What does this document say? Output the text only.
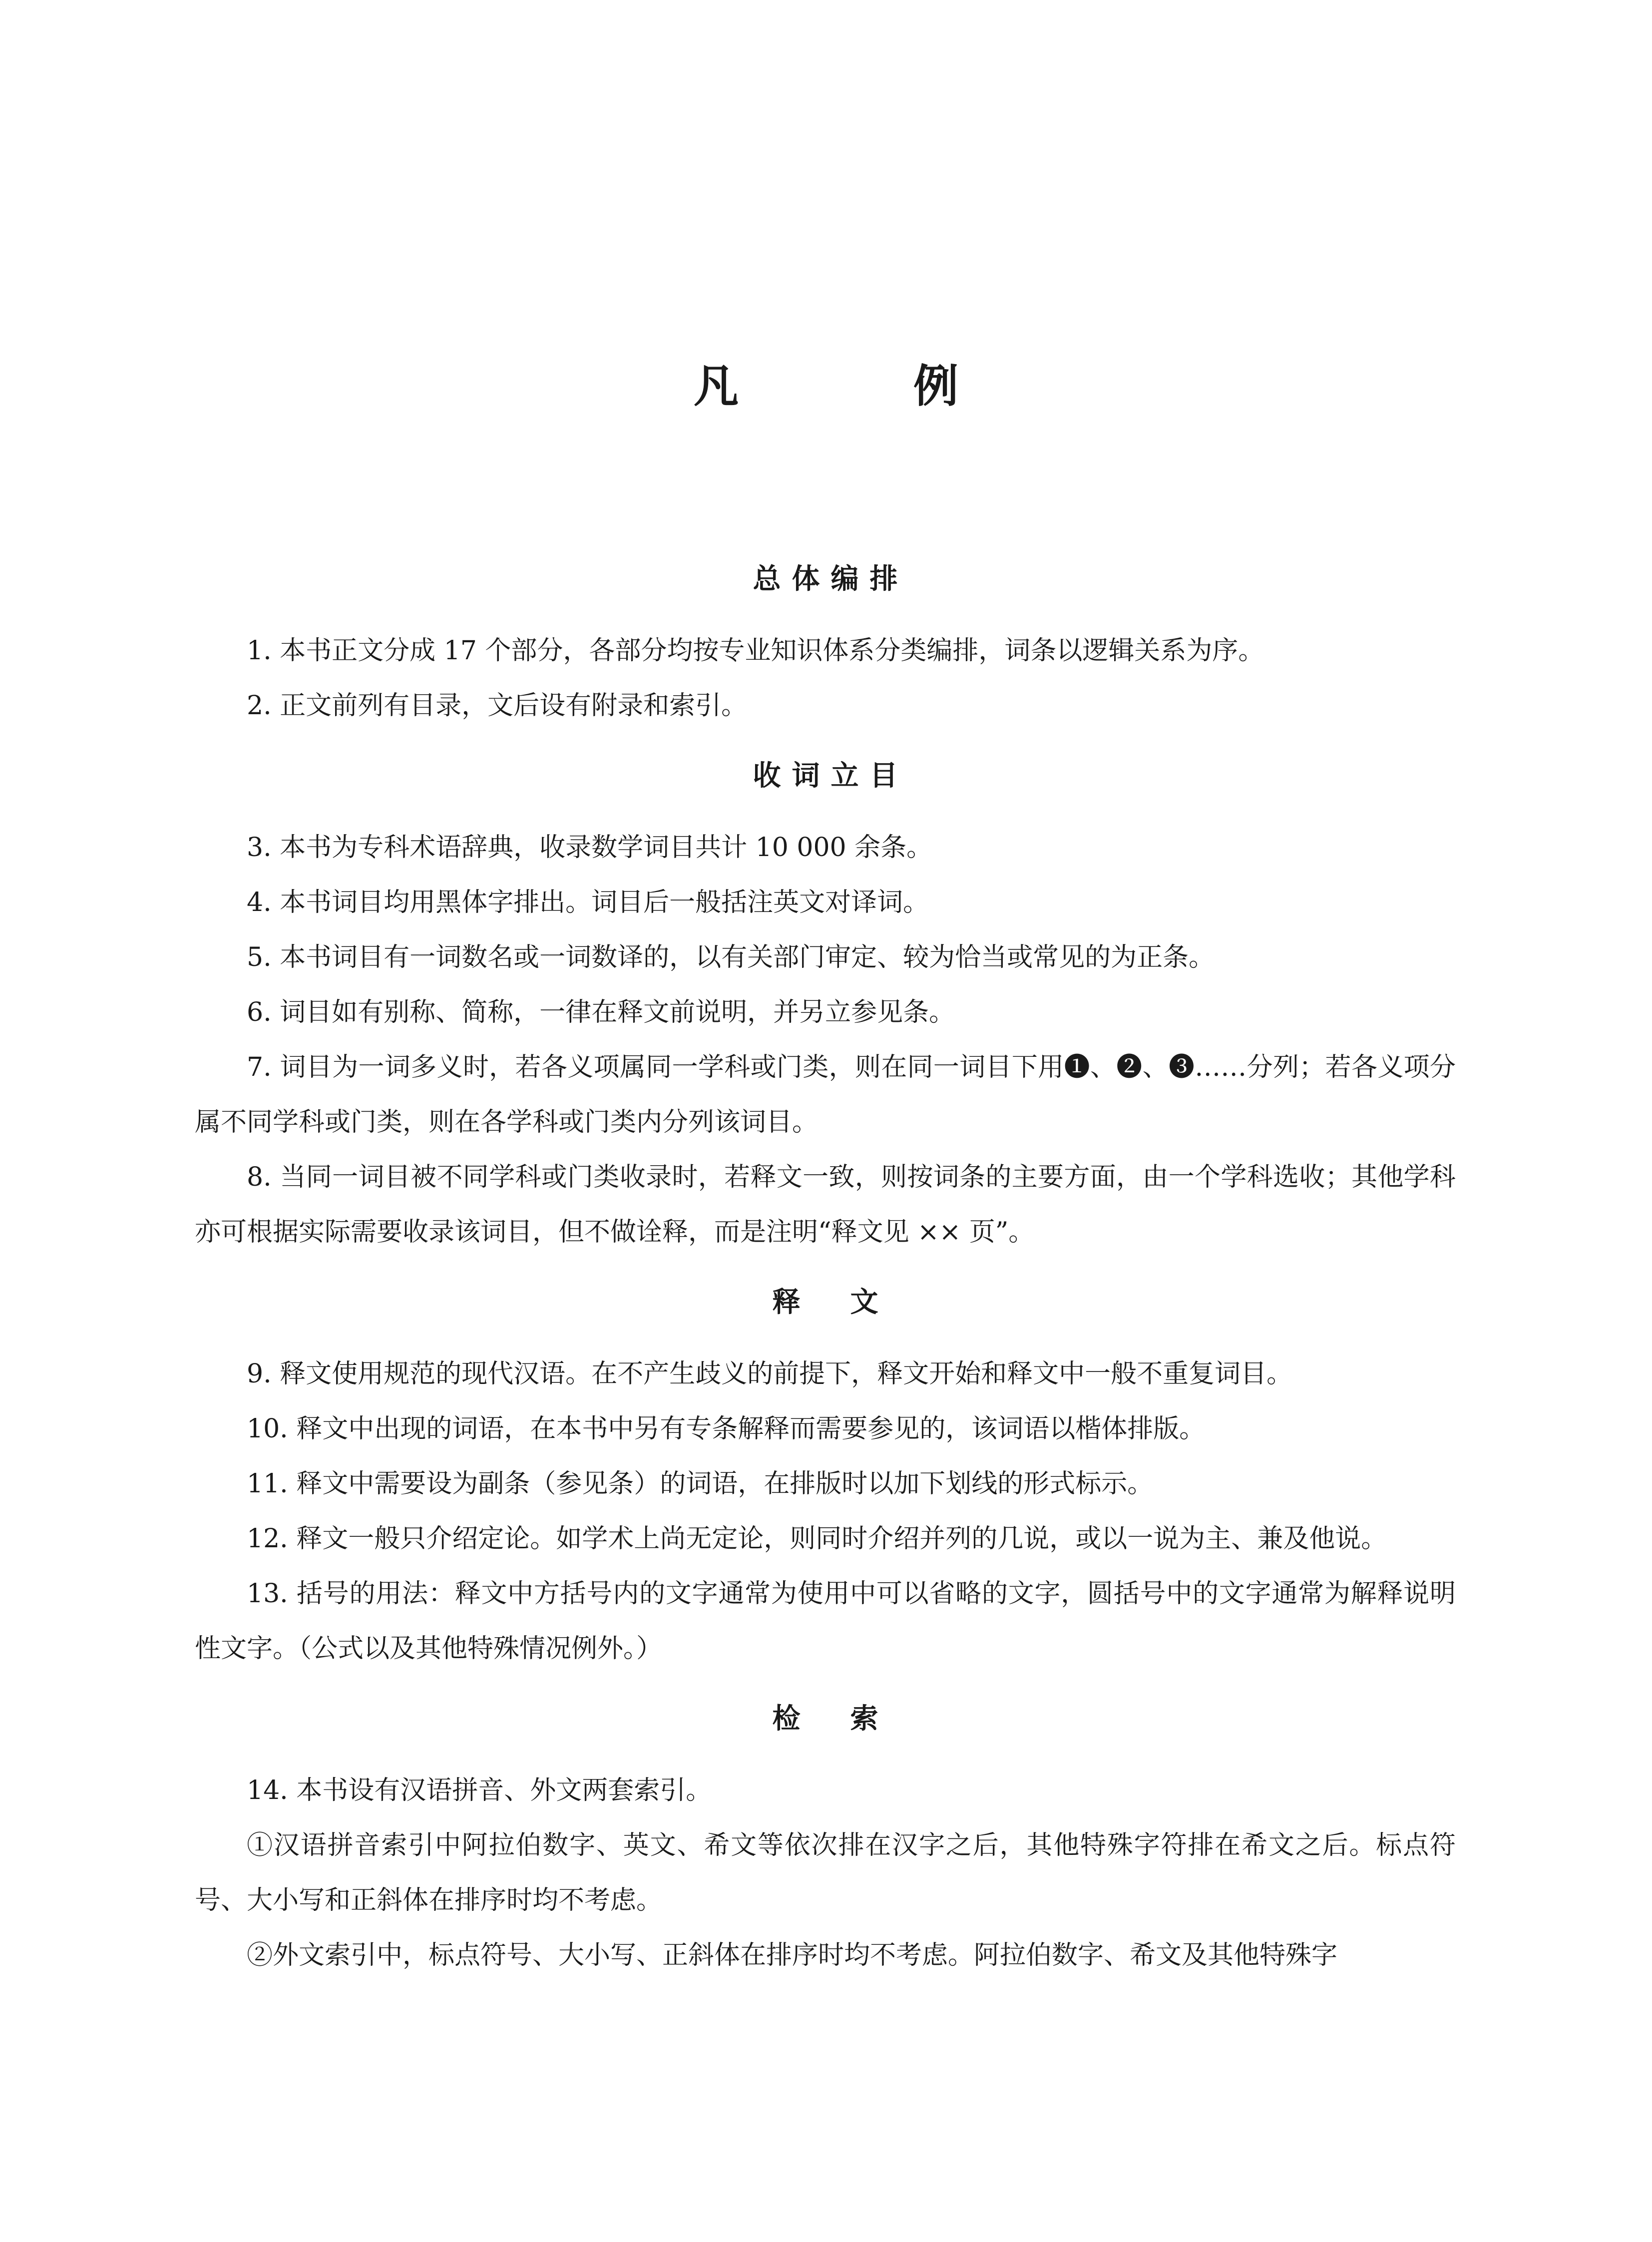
凡　例
总体编排

1. 本书正文分成 17 个部分，各部分均按专业知识体系分类编排，词条以逻辑关系为序。

2. 正文前列有目录，文后设有附录和索引。

收词立目

3. 本书为专科术语辞典，收录数学词目共计 10 000 余条。

4. 本书词目均用黑体字排出。词目后一般括注英文对译词。

5. 本书词目有一词数名或一词数译的，以有关部门审定、较为恰当或常见的为正条。

6. 词目如有别称、简称，一律在释文前说明，并另立参见条。

7. 词目为一词多义时，若各义项属同一学科或门类，则在同一词目下用❶、❷、❸……分列；若各义项分属不同学科或门类，则在各学科或门类内分列该词目。

8. 当同一词目被不同学科或门类收录时，若释文一致，则按词条的主要方面，由一个学科选收；其他学科亦可根据实际需要收录该词目，但不做诠释，而是注明“释文见 ×× 页”。

释　文

9. 释文使用规范的现代汉语。在不产生歧义的前提下，释文开始和释文中一般不重复词目。

10. 释文中出现的词语，在本书中另有专条解释而需要参见的，该词语以楷体排版。

11. 释文中需要设为副条（参见条）的词语，在排版时以加下划线的形式标示。

12. 释文一般只介绍定论。如学术上尚无定论，则同时介绍并列的几说，或以一说为主、兼及他说。

13. 括号的用法：释文中方括号内的文字通常为使用中可以省略的文字，圆括号中的文字通常为解释说明性文字。（公式以及其他特殊情况例外。）

检　索

14. 本书设有汉语拼音、外文两套索引。

①汉语拼音索引中阿拉伯数字、英文、希文等依次排在汉字之后，其他特殊字符排在希文之后。标点符号、大小写和正斜体在排序时均不考虑。

②外文索引中，标点符号、大小写、正斜体在排序时均不考虑。阿拉伯数字、希文及其他特殊字
